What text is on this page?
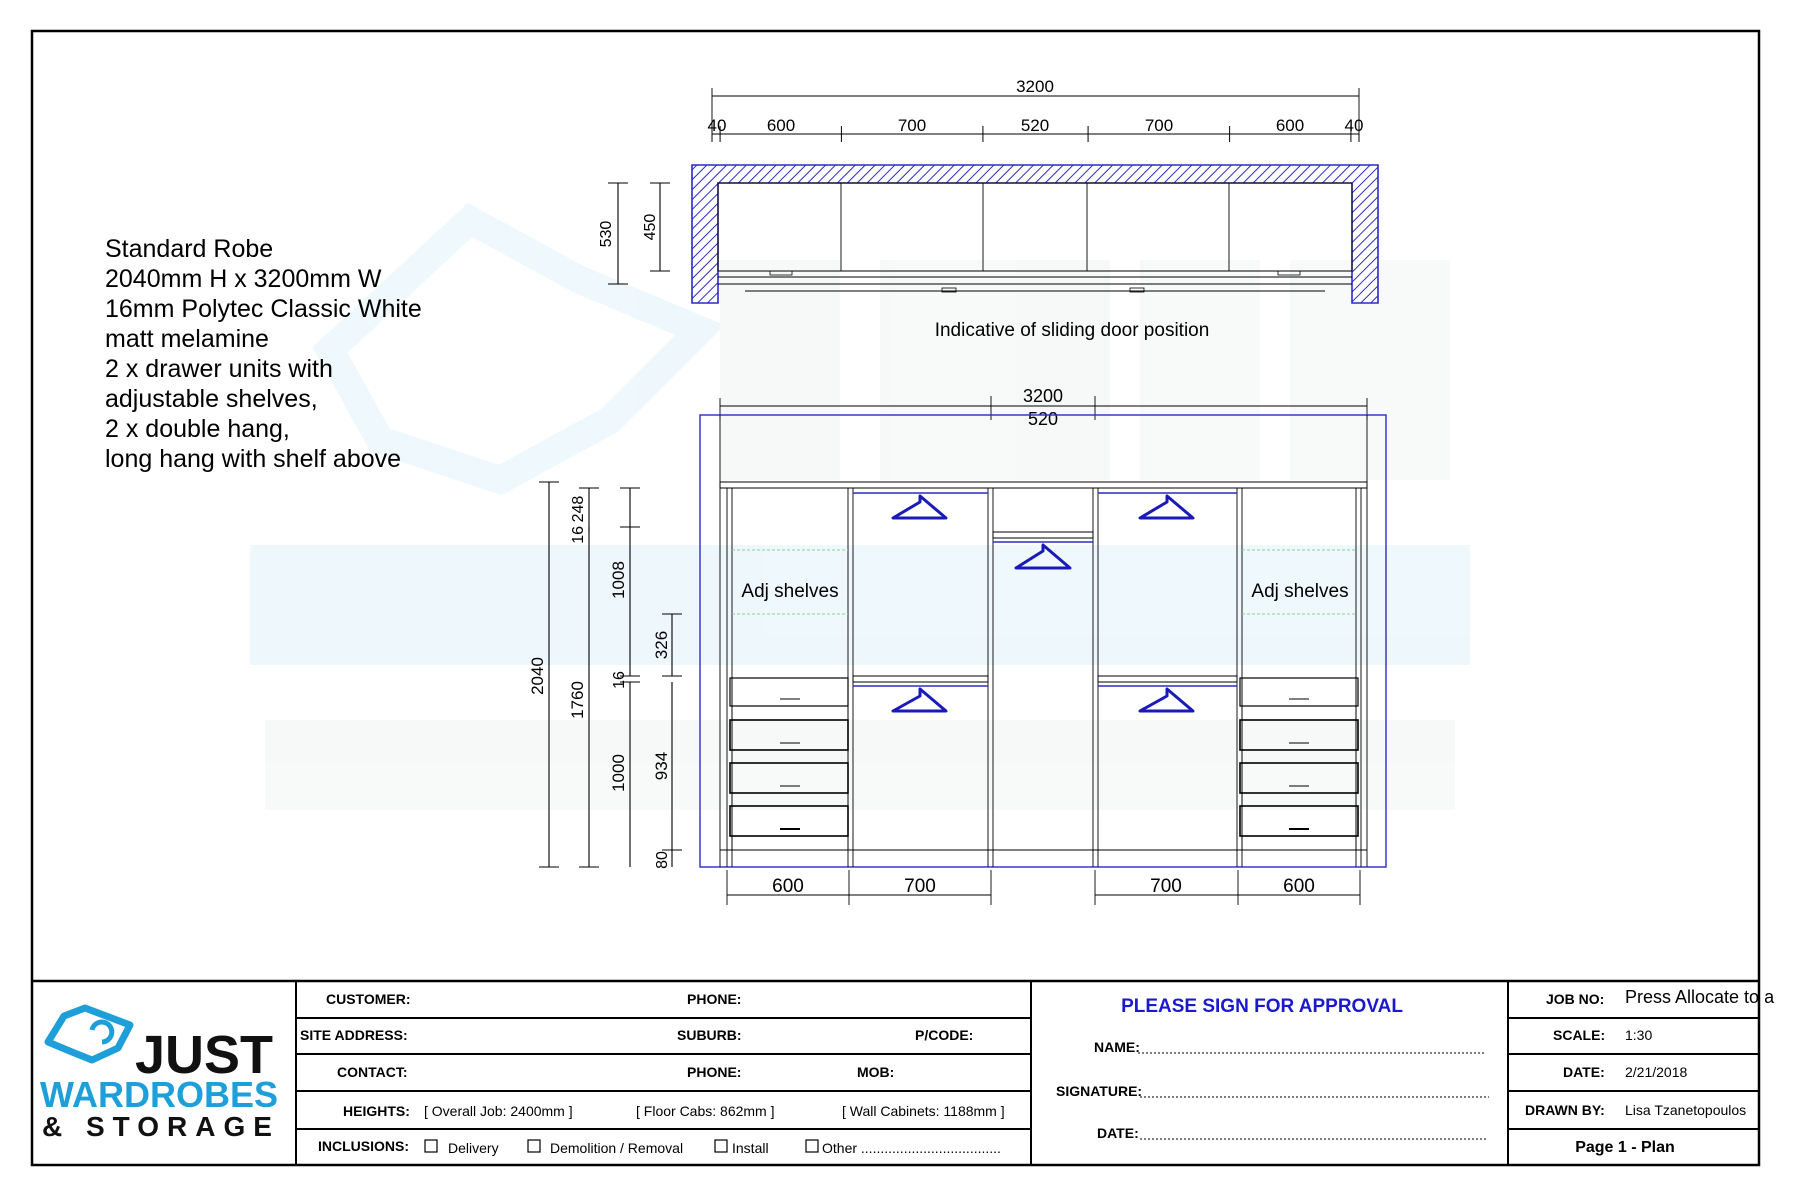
3200
40 600	700	520	700	600 40
530 450
Indicative of sliding door position
Standard Robe
2040mm H x 3200mm W
16mm Polytec Classic White
matt melamine
2 x drawer units with
adjustable shelves,
2 x double hang,
long hang with shelf above
3200
520
Adj shelves	Adj shelves
2040
1760
1008
1000
16
248
16
326
934
80
600	700	700	600
JUST
WARDROBES
& STORAGE
CUSTOMER:	PHONE:
SITE ADDRESS:	SUBURB:	P/CODE:
CONTACT:	PHONE:	MOB:
HEIGHTS: [ Overall Job: 2400mm ]	[ Floor Cabs: 862mm ]	[ Wall Cabinets: 1188mm ]
INCLUSIONS:	Delivery	Demolition / Removal	Install	Other ....................................
PLEASE SIGN FOR APPROVAL
NAME:
SIGNATURE:
DATE:
JOB NO: Press Allocate to a
SCALE: 1:30
DATE: 2/21/2018
DRAWN BY: Lisa Tzanetopoulos
Page 1 - Plan
